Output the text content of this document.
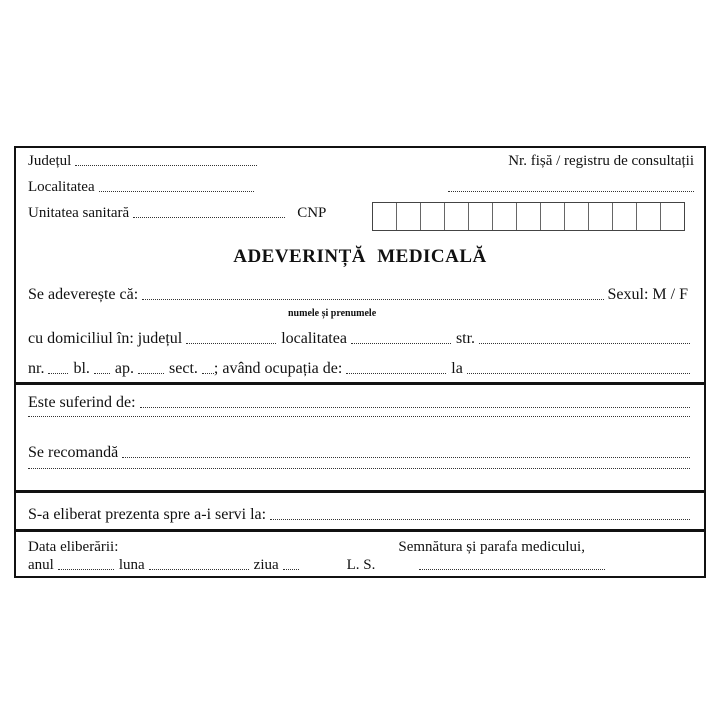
Județul	Nr. fișă / registru de consultații
Localitatea
Unitatea sanitară	CNP
ADEVERINȚĂ MEDICALĂ
Se adeverește că:	Sexul: M / F
numele și prenumele
cu domiciliul în: județul	localitatea	str.
nr. bl. ap. sect. ; având ocupația de:	la
Este suferind de:
Se recomandă
S-a eliberat prezenta spre a-i servi la:
Data eliberării:	Semnătura și parafa medicului,
anul	luna	ziua	L. S.
